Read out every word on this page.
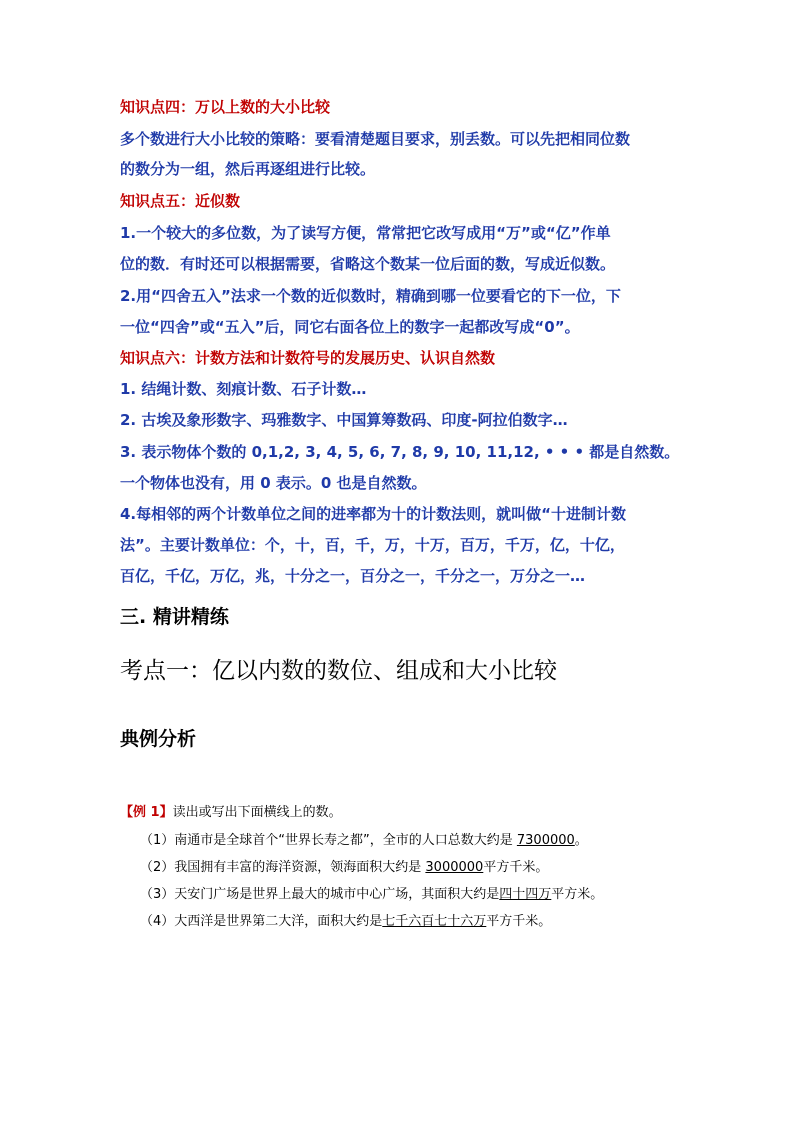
知识点四：万以上数的大小比较
多个数进行大小比较的策略：要看清楚题目要求，别丢数。可以先把相同位数
的数分为一组，然后再逐组进行比较。
知识点五：近似数
1.一个较大的多位数，为了读写方便，常常把它改写成用“万”或“亿”作单
位的数．有时还可以根据需要，省略这个数某一位后面的数，写成近似数。
2.用“四舍五入”法求一个数的近似数时，精确到哪一位要看它的下一位，下
一位“四舍”或“五入”后，同它右面各位上的数字一起都改写成“0”。
知识点六：计数方法和计数符号的发展历史、认识自然数
1. 结绳计数、刻痕计数、石子计数…
2. 古埃及象形数字、玛雅数字、中国算筹数码、印度-阿拉伯数字…
3. 表示物体个数的 0,1,2, 3, 4, 5, 6, 7, 8, 9, 10, 11,12, • • • 都是自然数。
一个物体也没有，用 0 表示。0 也是自然数。
4.每相邻的两个计数单位之间的进率都为十的计数法则，就叫做“十进制计数
法”。主要计数单位：个，十，百，千，万，十万，百万，千万，亿，十亿，
百亿，千亿，万亿，兆，十分之一，百分之一，千分之一，万分之一…
三. 精讲精练
考点一：亿以内数的数位、组成和大小比较
典例分析
【例 1】读出或写出下面横线上的数。
（1）南通市是全球首个“世界长寿之都”，全市的人口总数大约是 7300000。
（2）我国拥有丰富的海洋资源，领海面积大约是 3000000平方千米。
（3）天安门广场是世界上最大的城市中心广场，其面积大约是四十四万平方米。
（4）大西洋是世界第二大洋，面积大约是七千六百七十六万平方千米。
